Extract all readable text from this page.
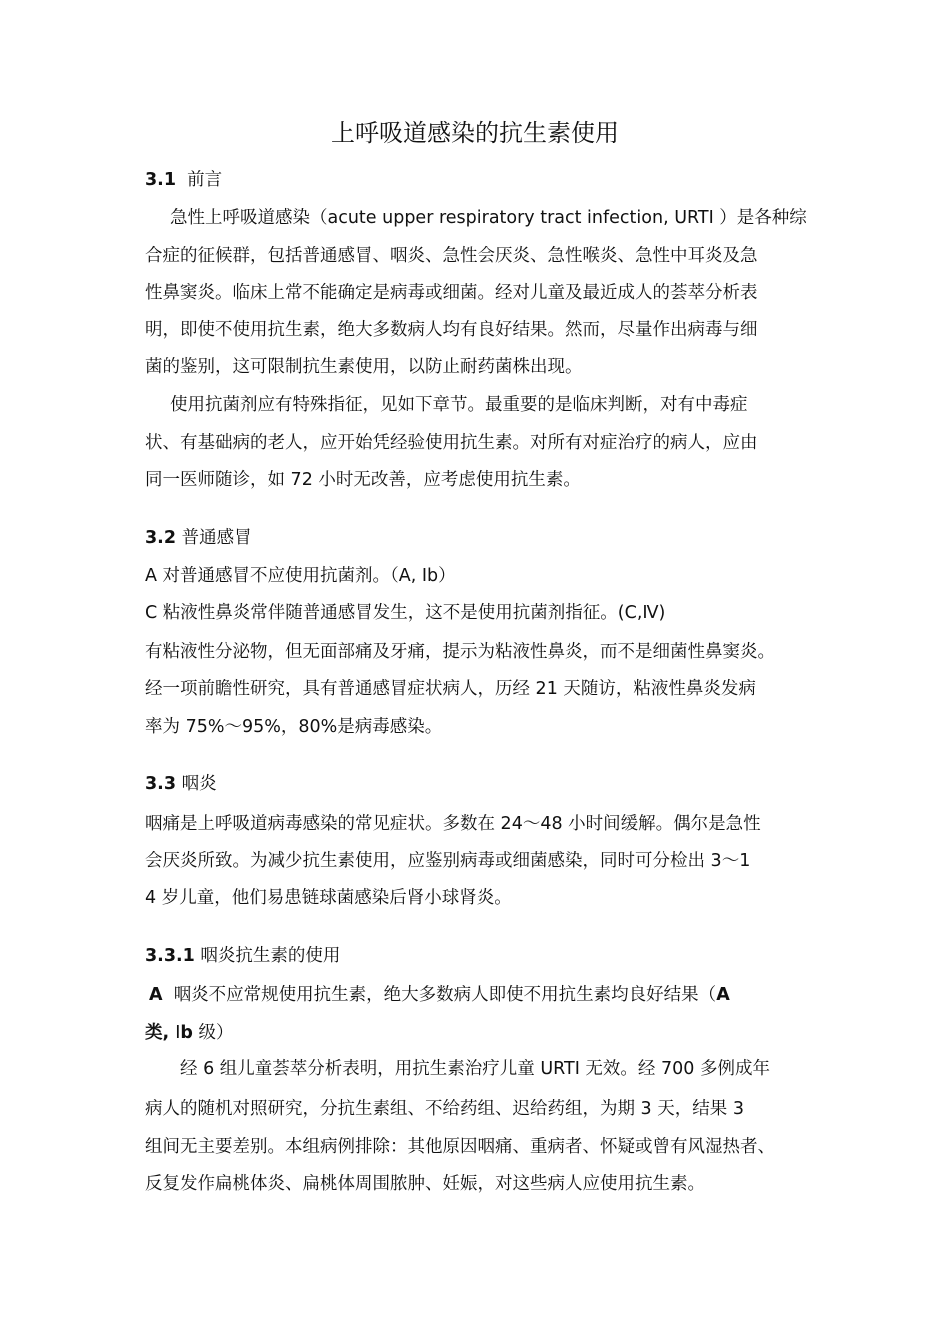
上呼吸道感染的抗生素使用

3.1 前言

急性上呼吸道感染（acute upper respiratory tract infection, URTI ）是各种综

合症的征候群，包括普通感冒、咽炎、急性会厌炎、急性喉炎、急性中耳炎及急

性鼻窦炎。临床上常不能确定是病毒或细菌。经对儿童及最近成人的荟萃分析表

明，即使不使用抗生素，绝大多数病人均有良好结果。然而，尽量作出病毒与细

菌的鉴别，这可限制抗生素使用，以防止耐药菌株出现。

使用抗菌剂应有特殊指征，见如下章节。最重要的是临床判断，对有中毒症

状、有基础病的老人，应开始凭经验使用抗生素。对所有对症治疗的病人，应由

同一医师随诊，如 72 小时无改善，应考虑使用抗生素。

3.2 普通感冒

A 对普通感冒不应使用抗菌剂。（A, Ⅰb）

C 粘液性鼻炎常伴随普通感冒发生，这不是使用抗菌剂指征。(C,Ⅳ)

有粘液性分泌物，但无面部痛及牙痛，提示为粘液性鼻炎，而不是细菌性鼻窦炎。

经一项前瞻性研究，具有普通感冒症状病人，历经 21 天随访，粘液性鼻炎发病

率为 75%～95%，80%是病毒感染。

3.3 咽炎

咽痛是上呼吸道病毒感染的常见症状。多数在 24～48 小时间缓解。偶尔是急性

会厌炎所致。为减少抗生素使用，应鉴别病毒或细菌感染，同时可分检出 3～1

4 岁儿童，他们易患链球菌感染后肾小球肾炎。

3.3.1 咽炎抗生素的使用

A 咽炎不应常规使用抗生素，绝大多数病人即使不用抗生素均良好结果（A

类, Ⅰb 级）

经 6 组儿童荟萃分析表明，用抗生素治疗儿童 URTI 无效。经 700 多例成年

病人的随机对照研究，分抗生素组、不给药组、迟给药组，为期 3 天，结果 3

组间无主要差别。本组病例排除：其他原因咽痛、重病者、怀疑或曾有风湿热者、

反复发作扁桃体炎、扁桃体周围脓肿、妊娠，对这些病人应使用抗生素。
